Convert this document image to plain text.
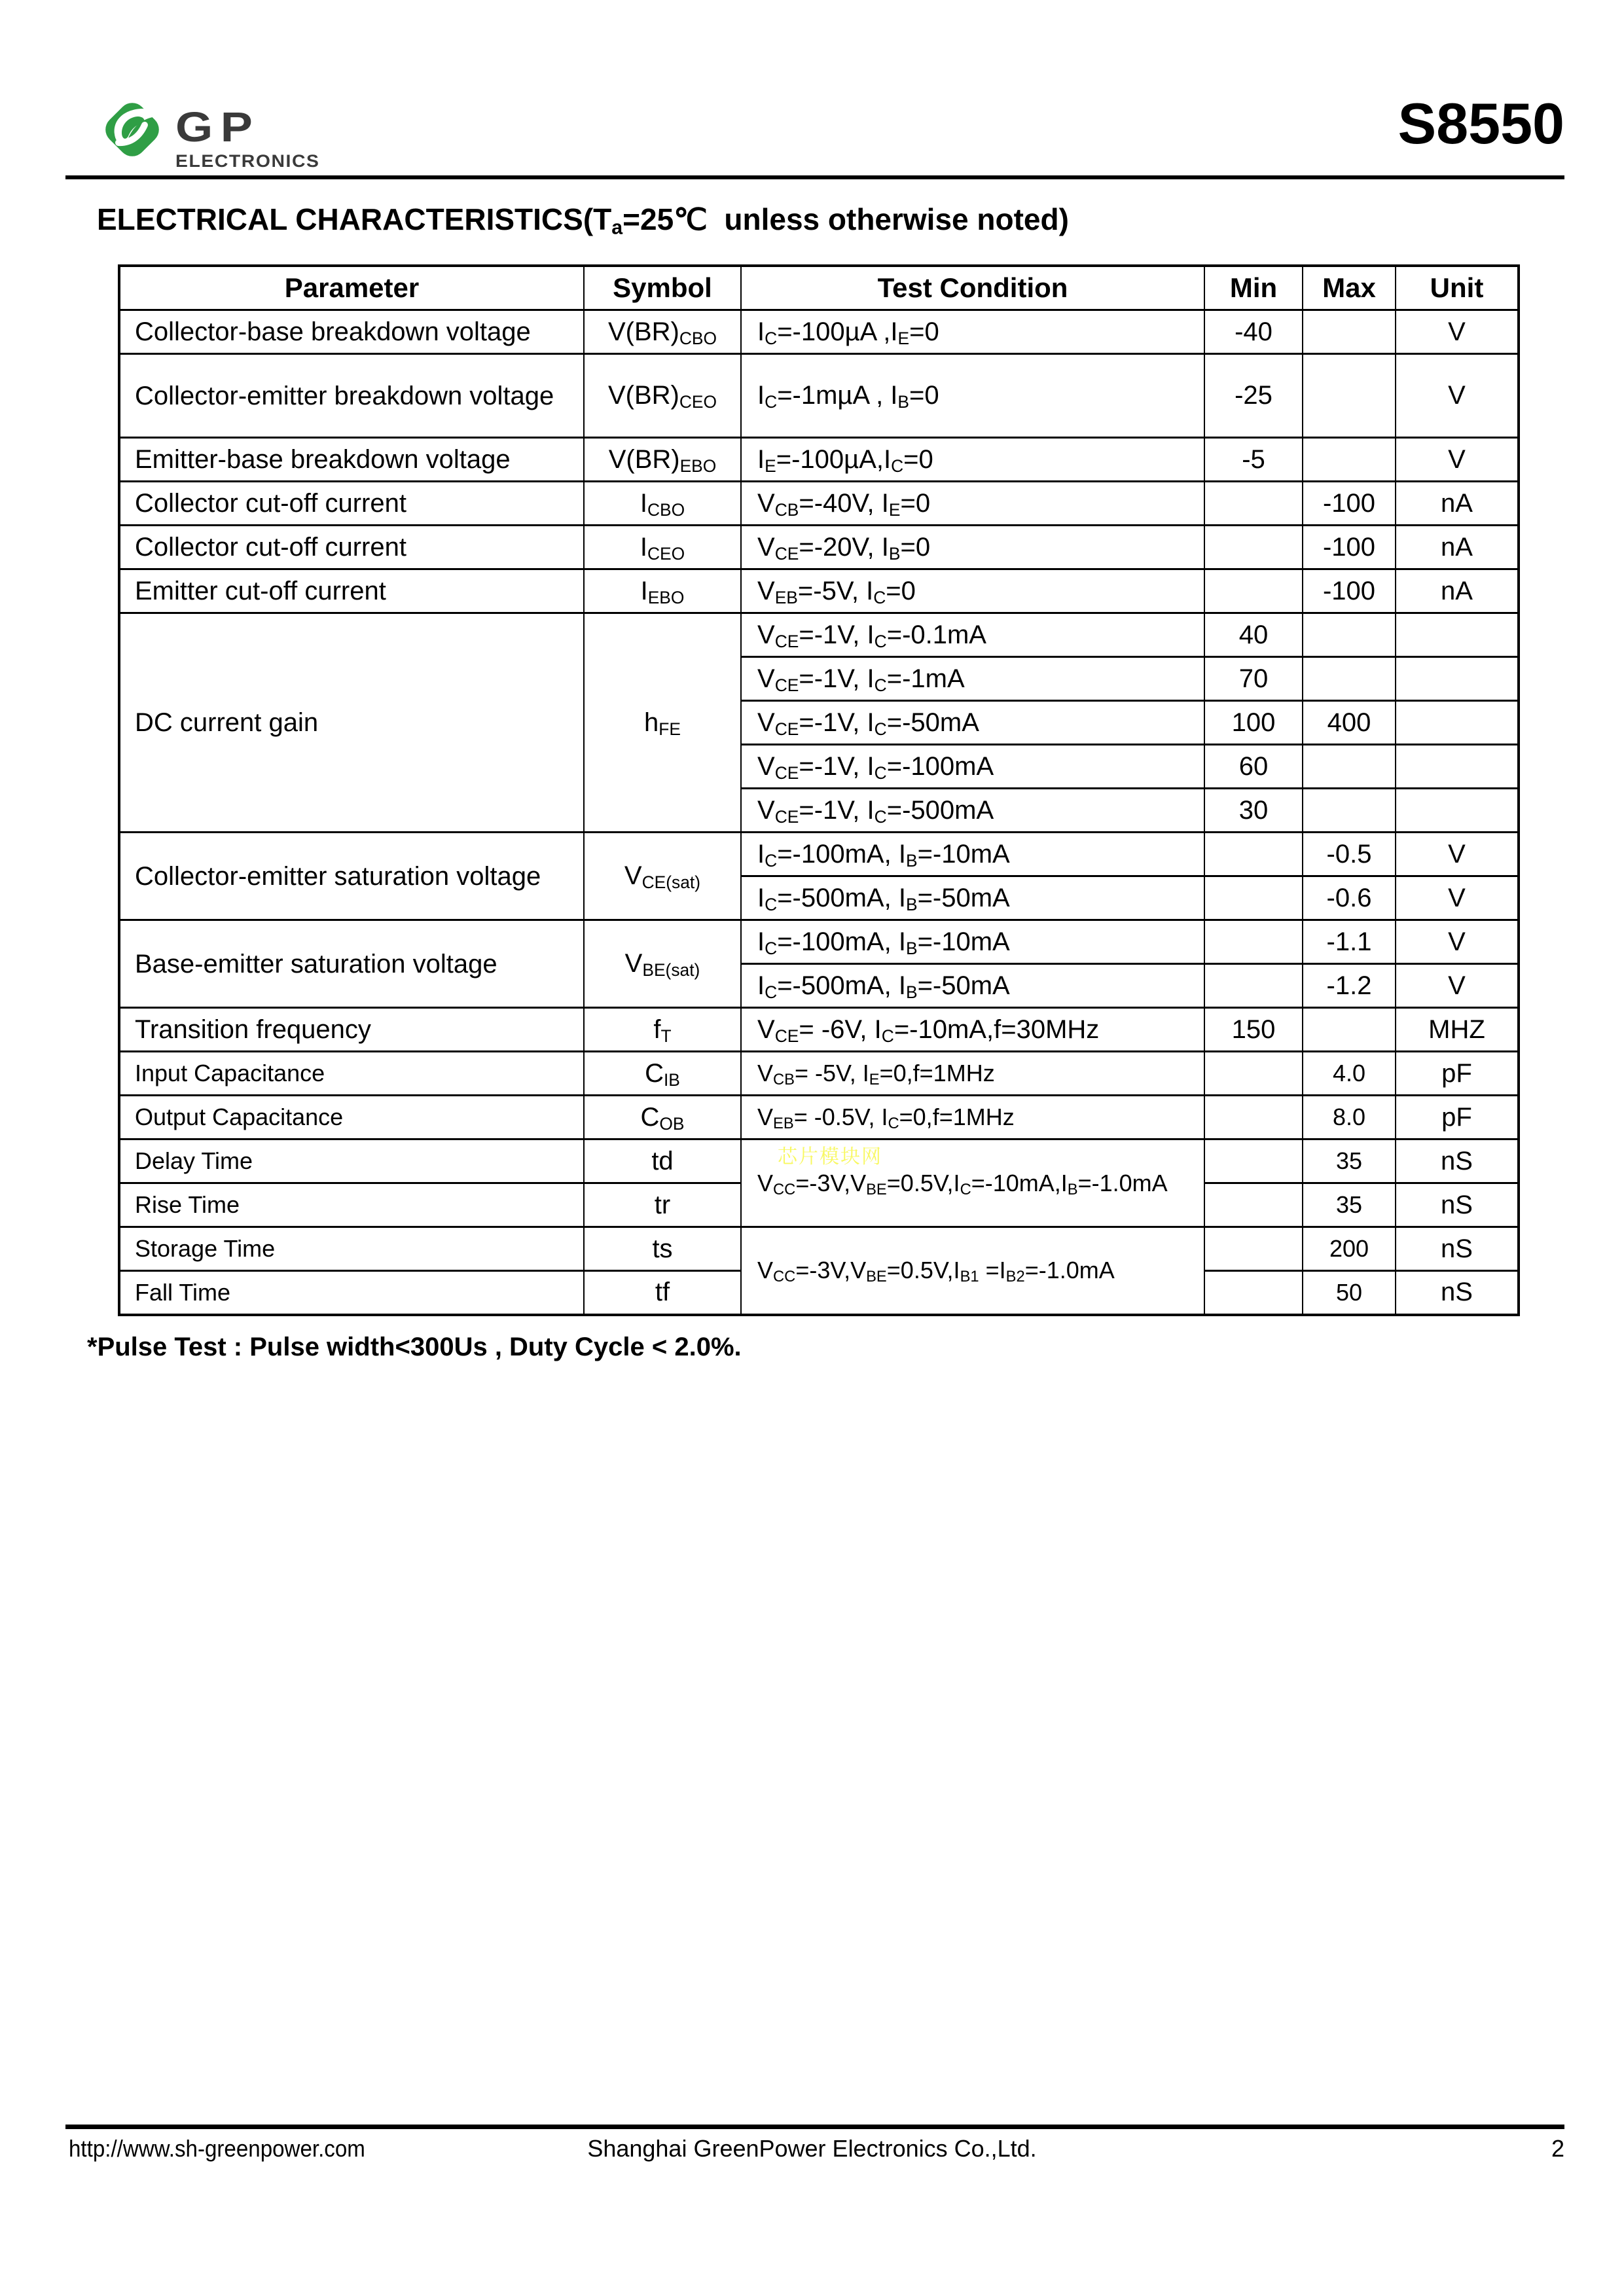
GP
ELECTRONICS
S8550
ELECTRICAL $CHARACTERISTICS(T_a=25℃$  unless otherwise noted)
Parameter	Symbol	Test Condition	Min	Max	Unit
Collector-base breakdown voltage	$V(BR)_{CBO}$	$I_C=-100\mu A$ $,I_E=0$	-40		V
Collector-emitter breakdown voltage	$V(BR)_{CEO}$	$I_C=-1m\mu A$ , $I_B=0$	-25		V
Emitter-base breakdown voltage	$V(BR)_{EBO}$	$I_E=-100\mu A,I_C=0$	-5		V
Collector cut-off current	$I_{CBO}$	$V_{CB}=-40V$, $I_E=0$		-100	nA
Collector cut-off current	$I_{CEO}$	$V_{CE}=-20V$, $I_B=0$		-100	nA
Emitter cut-off current	$I_{EBO}$	$V_{EB}=-5V$, $I_C=0$		-100	nA
DC current gain	$h_{FE}$	$V_{CE}=-1V$, $I_C=-0.1mA$	40		
		$V_{CE}=-1V$, $I_C=-1mA$	70		
		$V_{CE}=-1V$, $I_C=-50mA$	100	400	
		$V_{CE}=-1V$, $I_C=-100mA$	60		
		$V_{CE}=-1V$, $I_C=-500mA$	30		
Collector-emitter saturation voltage	$V_{CE(sat)}$	$I_C=-100mA$, $I_B=-10mA$		-0.5	V
		$I_C=-500mA$, $I_B=-50mA$		-0.6	V
Base-emitter saturation voltage	$V_{BE(sat)}$	$I_C=-100mA$, $I_B=-10mA$		-1.1	V
		$I_C=-500mA$, $I_B=-50mA$		-1.2	V
Transition frequency	$f_T$	$V_{CE}= -6V$, $I_C=-10mA,f=30MHz$	150		MHZ
Input Capacitance	$C_{IB}$	$V_{CB}= -5V$, $I_E=0,f=1MHz$		4.0	pF
Output Capacitance	$C_{OB}$	$V_{EB}= -0.5V$, $I_C=0,f=1MHz$		8.0	pF
Delay Time	td	$V_{CC}=-3V,V_{BE}=0.5V,I_C=-10mA,I_B=-1.0mA$		35	nS
Rise Time	tr			35	nS
Storage Time	ts	$V_{CC}=-3V,V_{BE}=0.5V,I_{B1} =I_{B2}=-1.0mA$		200	nS
Fall Time	tf			50	nS
芯片模块网
*Pulse Test : Pulse width<300Us , Duty Cycle < 2.0%.
http://www.sh-greenpower.com	Shanghai GreenPower Electronics Co.,Ltd.	2
